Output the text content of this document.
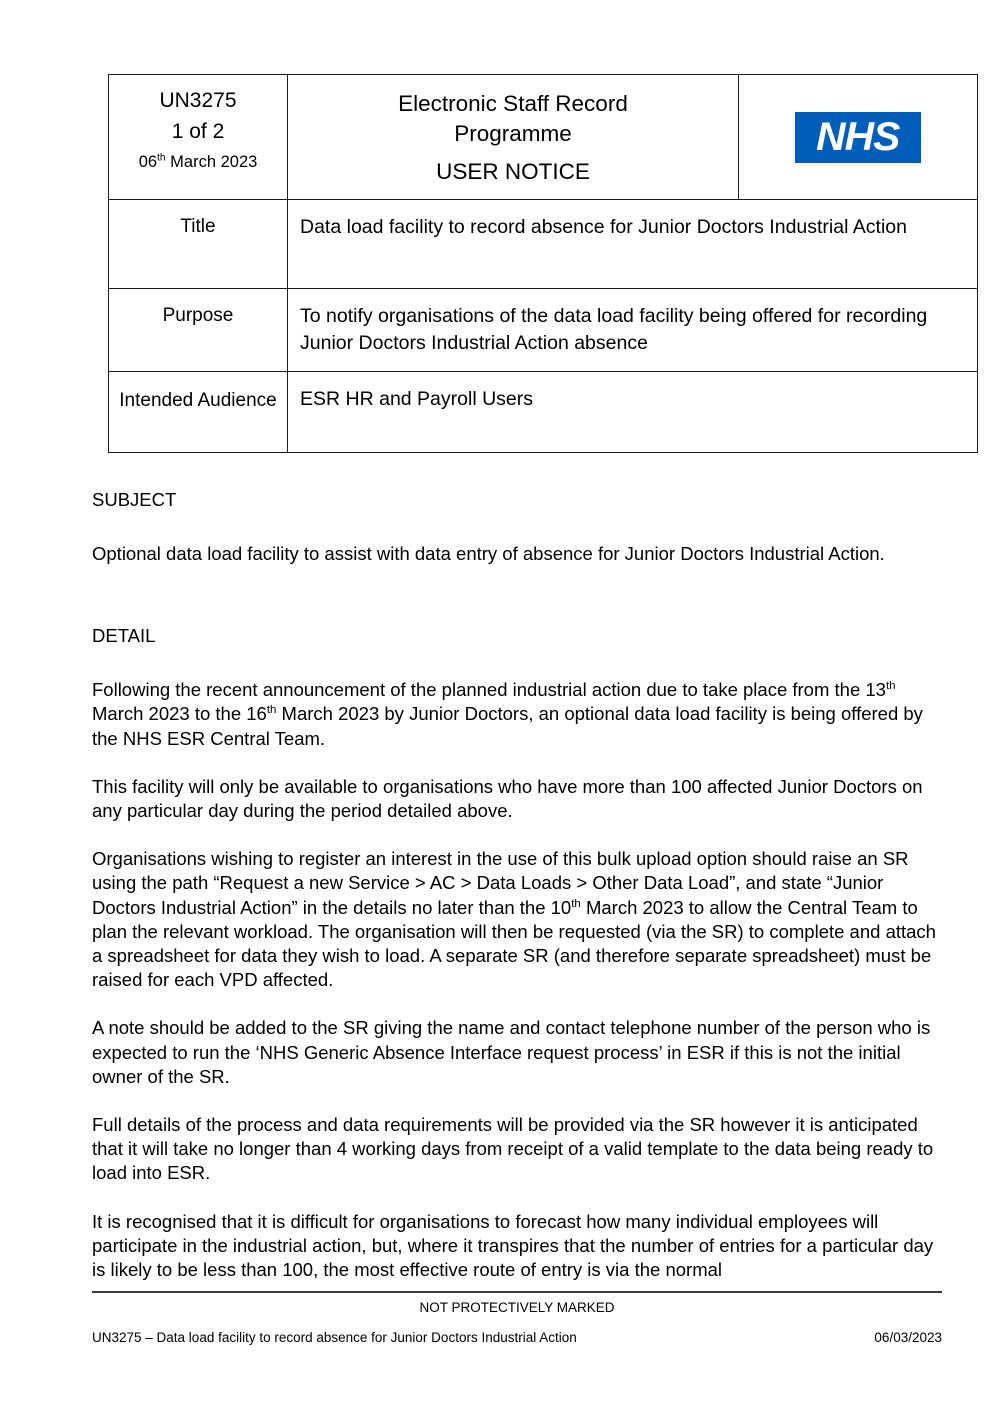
UN3275
1 of 2
06th March 2023

Electronic Staff Record
Programme
USER NOTICE
	NHS
Title	Data load facility to record absence for Junior Doctors Industrial Action	
Purpose	To notify organisations of the data load facility being offered for recording Junior Doctors Industrial Action absence	
Intended Audience	ESR HR and Payroll Users	
SUBJECT
Optional data load facility to assist with data entry of absence for Junior Doctors Industrial Action.
DETAIL
Following the recent announcement of the planned industrial action due to take place from the 13th March 2023 to the 16th March 2023 by Junior Doctors, an optional data load facility is being offered by the NHS ESR Central Team.
This facility will only be available to organisations who have more than 100 affected Junior Doctors on any particular day during the period detailed above.
Organisations wishing to register an interest in the use of this bulk upload option should raise an SR using the path “Request a new Service > AC > Data Loads > Other Data Load”, and state “Junior Doctors Industrial Action” in the details no later than the 10th March 2023 to allow the Central Team to plan the relevant workload. The organisation will then be requested (via the SR) to complete and attach a spreadsheet for data they wish to load. A separate SR (and therefore separate spreadsheet) must be raised for each VPD affected.
A note should be added to the SR giving the name and contact telephone number of the person who is expected to run the ‘NHS Generic Absence Interface request process’ in ESR if this is not the initial owner of the SR.
Full details of the process and data requirements will be provided via the SR however it is anticipated that it will take no longer than 4 working days from receipt of a valid template to the data being ready to load into ESR.
It is recognised that it is difficult for organisations to forecast how many individual employees will participate in the industrial action, but, where it transpires that the number of entries for a particular day is likely to be less than 100, the most effective route of entry is via the normal
NOT PROTECTIVELY MARKED
UN3275 – Data load facility to record absence for Junior Doctors Industrial Action	06/03/2023
